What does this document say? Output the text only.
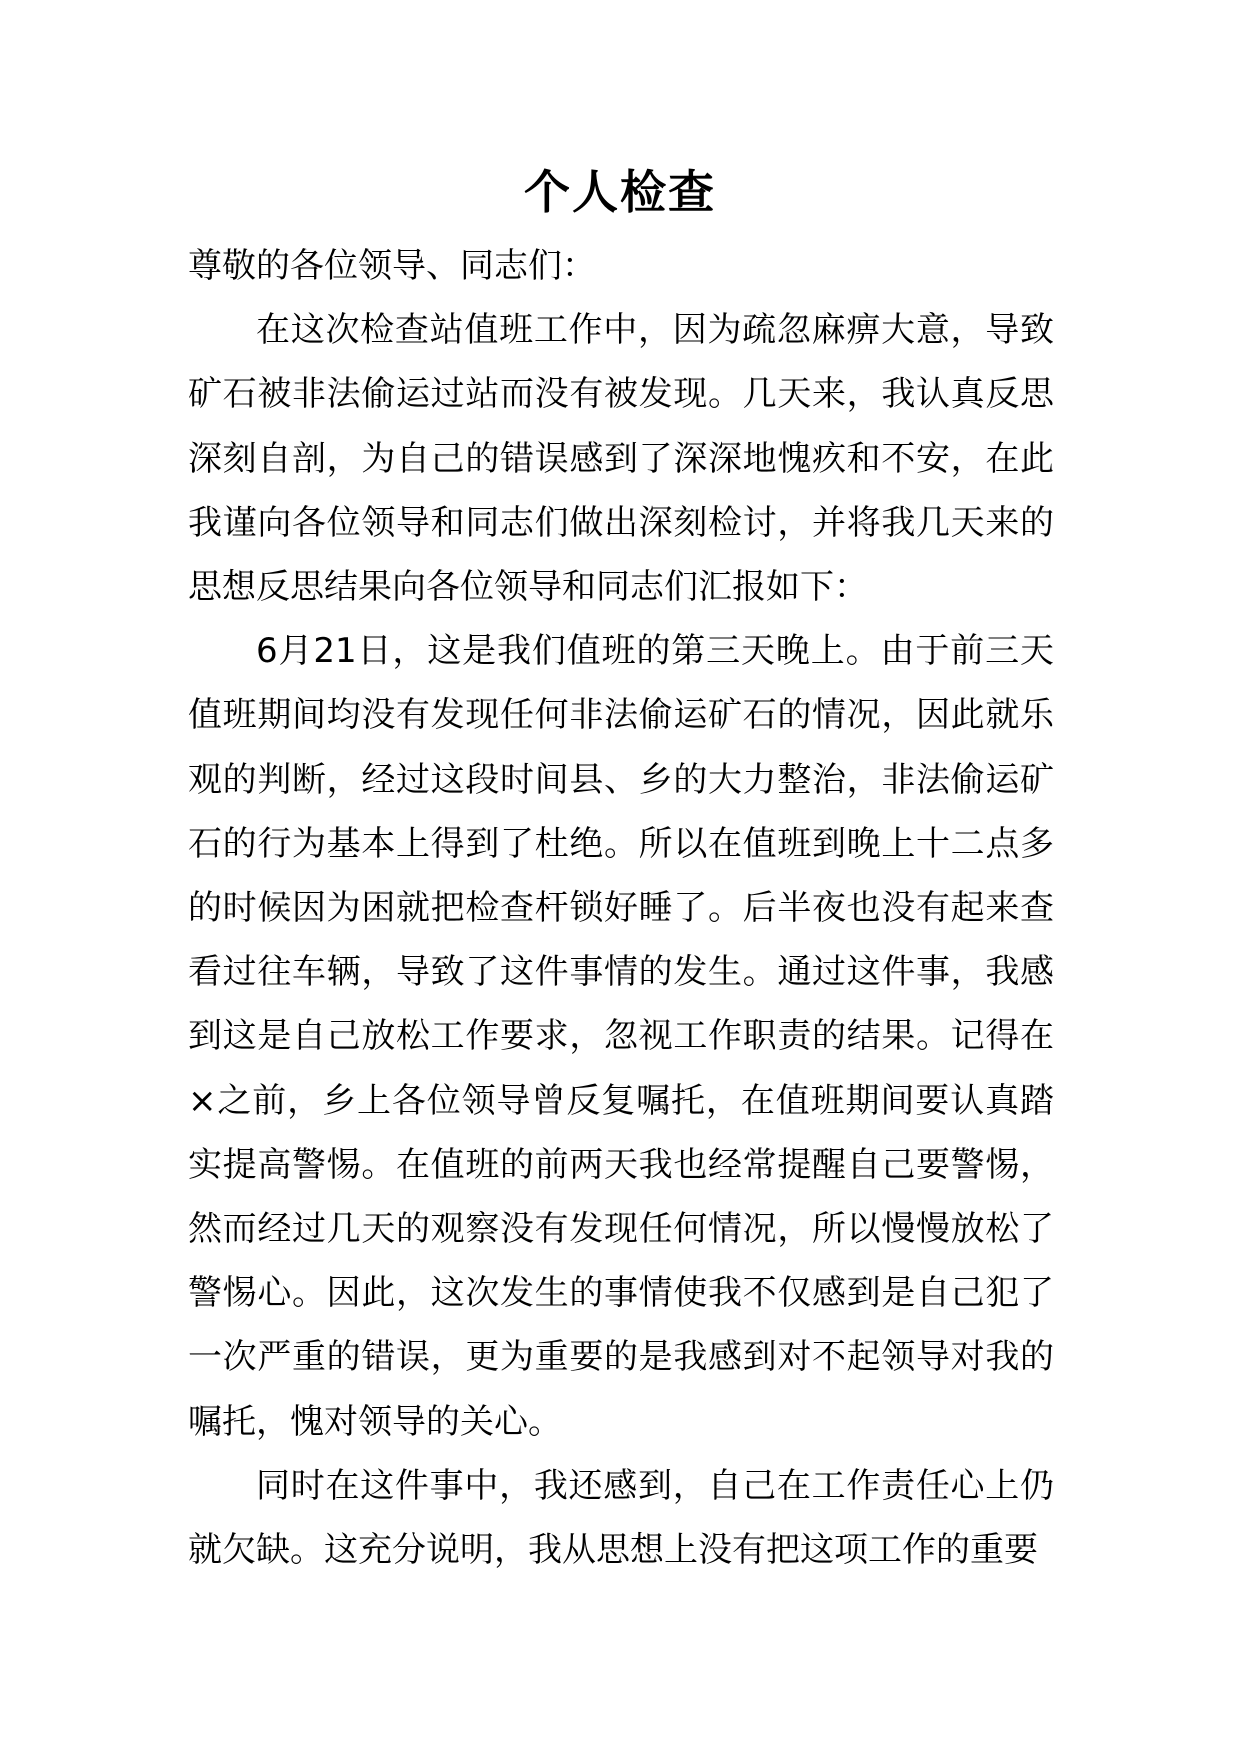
个人检查

尊敬的各位领导、同志们：

在这次检查站值班工作中，因为疏忽麻痹大意，导致矿石被非法偷运过站而没有被发现。几天来，我认真反思深刻自剖，为自己的错误感到了深深地愧疚和不安，在此我谨向各位领导和同志们做出深刻检讨，并将我几天来的思想反思结果向各位领导和同志们汇报如下：

6月21日，这是我们值班的第三天晚上。由于前三天值班期间均没有发现任何非法偷运矿石的情况，因此就乐观的判断，经过这段时间县、乡的大力整治，非法偷运矿石的行为基本上得到了杜绝。所以在值班到晚上十二点多的时候因为困就把检查杆锁好睡了。后半夜也没有起来查看过往车辆，导致了这件事情的发生。通过这件事，我感到这是自己放松工作要求，忽视工作职责的结果。记得在×之前，乡上各位领导曾反复嘱托，在值班期间要认真踏实提高警惕。在值班的前两天我也经常提醒自己要警惕，然而经过几天的观察没有发现任何情况，所以慢慢放松了警惕心。因此，这次发生的事情使我不仅感到是自己犯了一次严重的错误，更为重要的是我感到对不起领导对我的嘱托，愧对领导的关心。

同时在这件事中，我还感到，自己在工作责任心上仍就欠缺。这充分说明，我从思想上没有把这项工作的重要
